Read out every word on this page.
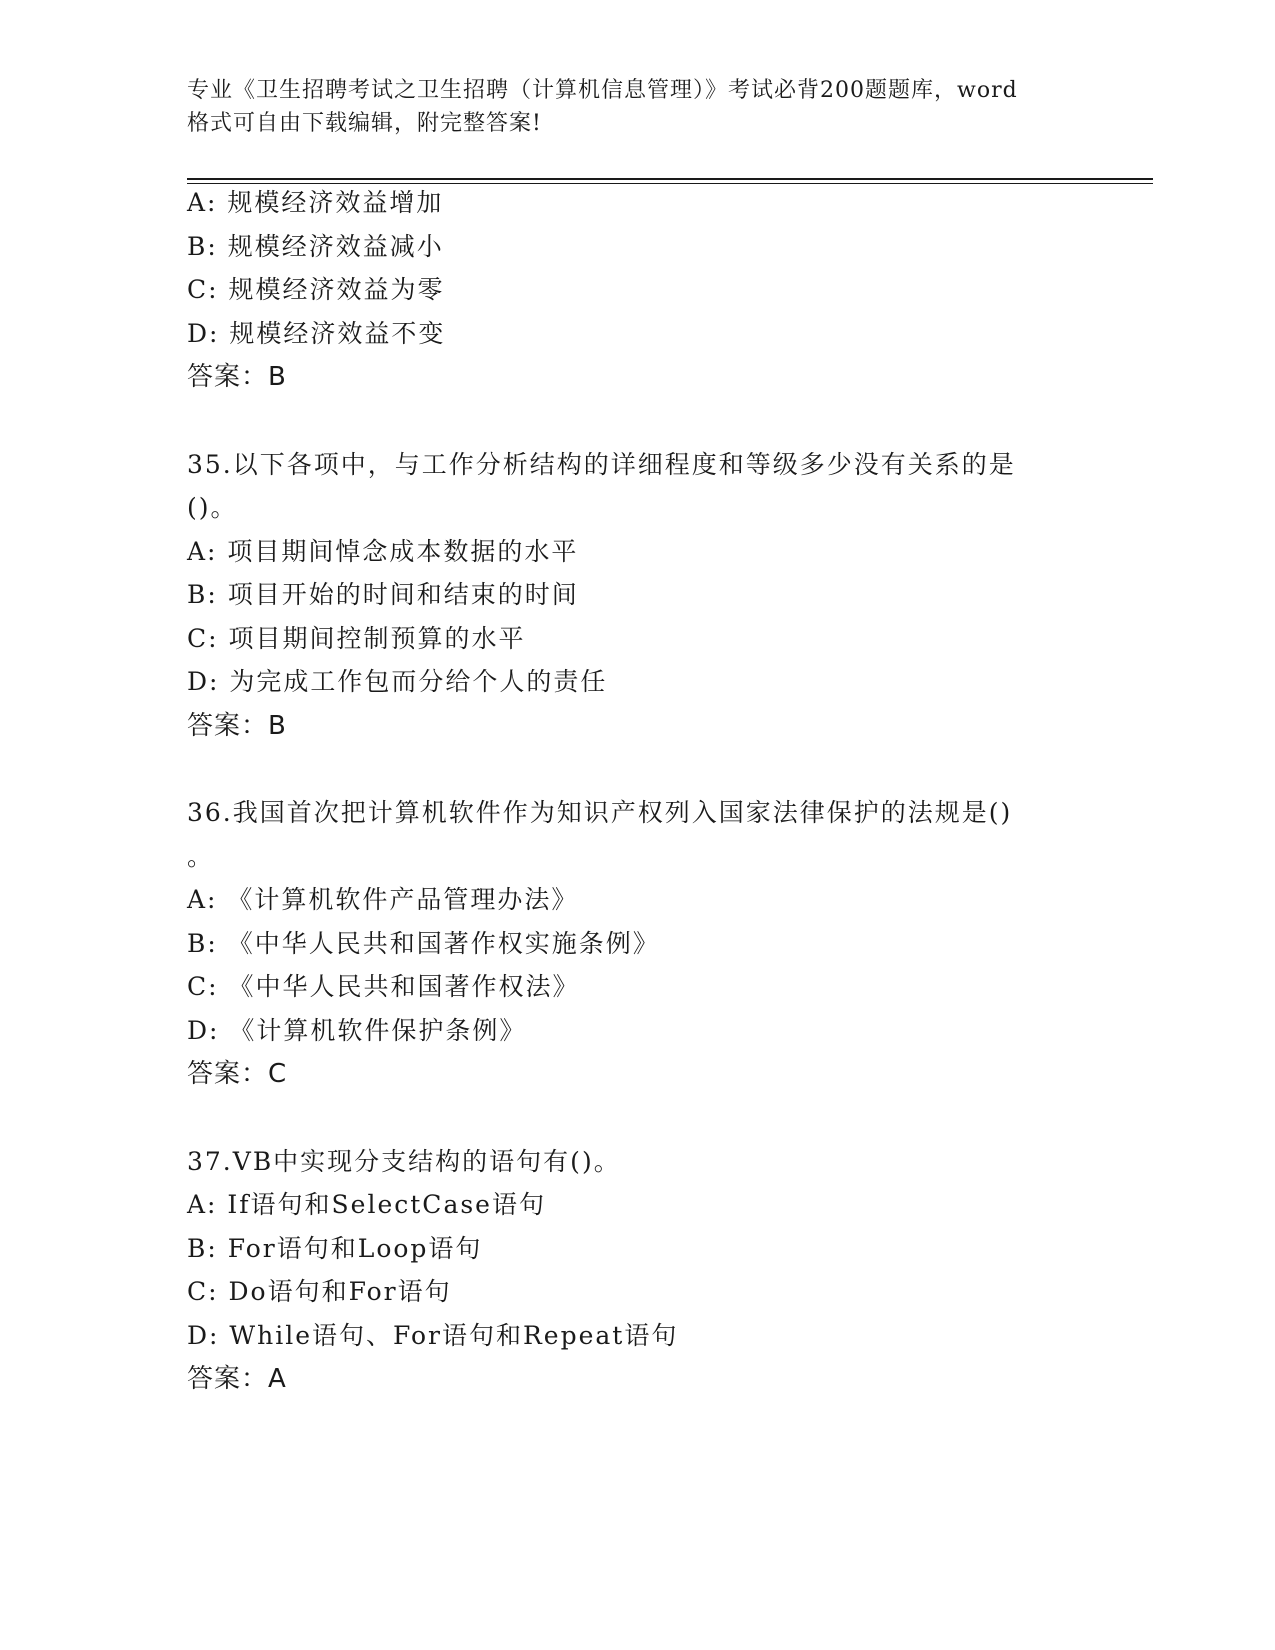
专业《卫生招聘考试之卫生招聘（计算机信息管理）》考试必背200题题库，word
格式可自由下载编辑，附完整答案!
A: 规模经济效益增加
B: 规模经济效益减小
C: 规模经济效益为零
D: 规模经济效益不变
答案：B
35.以下各项中，与工作分析结构的详细程度和等级多少没有关系的是
()。
A: 项目期间悼念成本数据的水平
B: 项目开始的时间和结束的时间
C: 项目期间控制预算的水平
D: 为完成工作包而分给个人的责任
答案：B
36.我国首次把计算机软件作为知识产权列入国家法律保护的法规是()
。
A: 《计算机软件产品管理办法》
B: 《中华人民共和国著作权实施条例》
C: 《中华人民共和国著作权法》
D: 《计算机软件保护条例》
答案：C
37.VB中实现分支结构的语句有()。
A: If语句和SelectCase语句
B: For语句和Loop语句
C: Do语句和For语句
D: While语句、For语句和Repeat语句
答案：A
